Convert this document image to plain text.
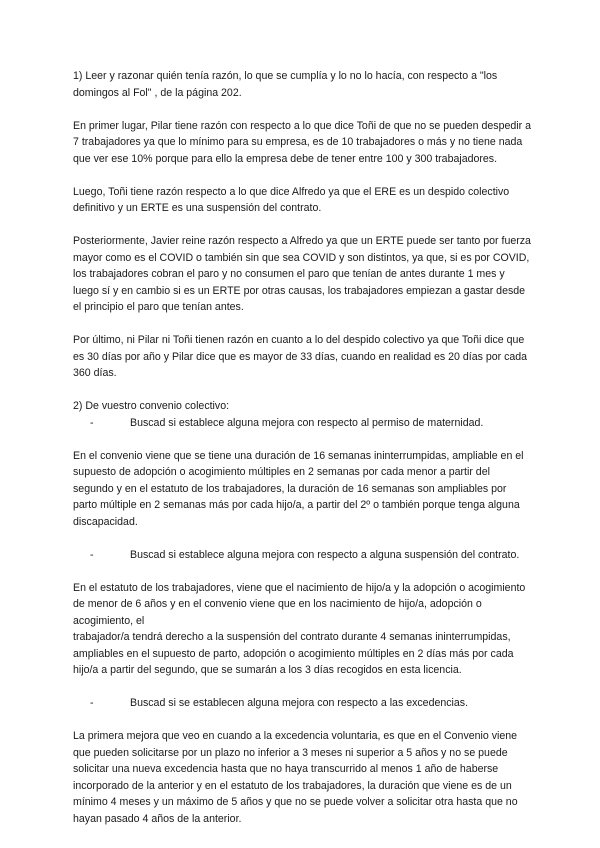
1) Leer y razonar quién tenía razón, lo que se cumplía y lo no lo hacía, con respecto a "los domingos al Fol" , de la página 202.

En primer lugar, Pilar tiene razón con respecto a lo que dice Toñi de que no se pueden despedir a 7 trabajadores ya que lo mínimo para su empresa, es de 10 trabajadores o más y no tiene nada que ver ese 10% porque para ello la empresa debe de tener entre 100 y 300 trabajadores.

Luego, Toñi tiene razón respecto a lo que dice Alfredo ya que el ERE es un despido colectivo definitivo y un ERTE es una suspensión del contrato.

Posteriormente, Javier reine razón respecto a Alfredo ya que un ERTE puede ser tanto por fuerza mayor como es el COVID o también sin que sea COVID y son distintos, ya que, si es por COVID, los trabajadores cobran el paro y no consumen el paro que tenían de antes durante 1 mes y luego sí y en cambio si es un ERTE por otras causas, los trabajadores empiezan a gastar desde el principio el paro que tenían antes.

Por último, ni Pilar ni Toñi tienen razón en cuanto a lo del despido colectivo ya que Toñi dice que es 30 días por año y Pilar dice que es mayor de 33 días, cuando en realidad es 20 días por cada 360 días.

2) De vuestro convenio colectivo:

-	Buscad si establece alguna mejora con respecto al permiso de maternidad.

En el convenio viene que se tiene una duración de 16 semanas ininterrumpidas, ampliable en el supuesto de adopción o acogimiento múltiples en 2 semanas por cada menor a partir del segundo y en el estatuto de los trabajadores, la duración de 16 semanas son ampliables por parto múltiple en 2 semanas más por cada hijo/a, a partir del 2º o también porque tenga alguna discapacidad.

-	Buscad si establece alguna mejora con respecto a alguna suspensión del contrato.

En el estatuto de los trabajadores, viene que el nacimiento de hijo/a y la adopción o acogimiento de menor de 6 años y en el convenio viene que en los nacimiento de hijo/a, adopción o acogimiento, el

trabajador/a tendrá derecho a la suspensión del contrato durante 4 semanas ininterrumpidas, ampliables en el supuesto de parto, adopción o acogimiento múltiples en 2 días más por cada hijo/a a partir del segundo, que se sumarán a los 3 días recogidos en esta licencia.

-	Buscad si se establecen alguna mejora con respecto a las excedencias.

La primera mejora que veo en cuando a la excedencia voluntaria, es que en el Convenio viene que pueden solicitarse por un plazo no inferior a 3 meses ni superior a 5 años y no se puede solicitar una nueva excedencia hasta que no haya transcurrido al menos 1 año de haberse incorporado de la anterior y en el estatuto de los trabajadores, la duración que viene es de un mínimo 4 meses y un máximo de 5 años y que no se puede volver a solicitar otra hasta que no hayan pasado 4 años de la anterior.
